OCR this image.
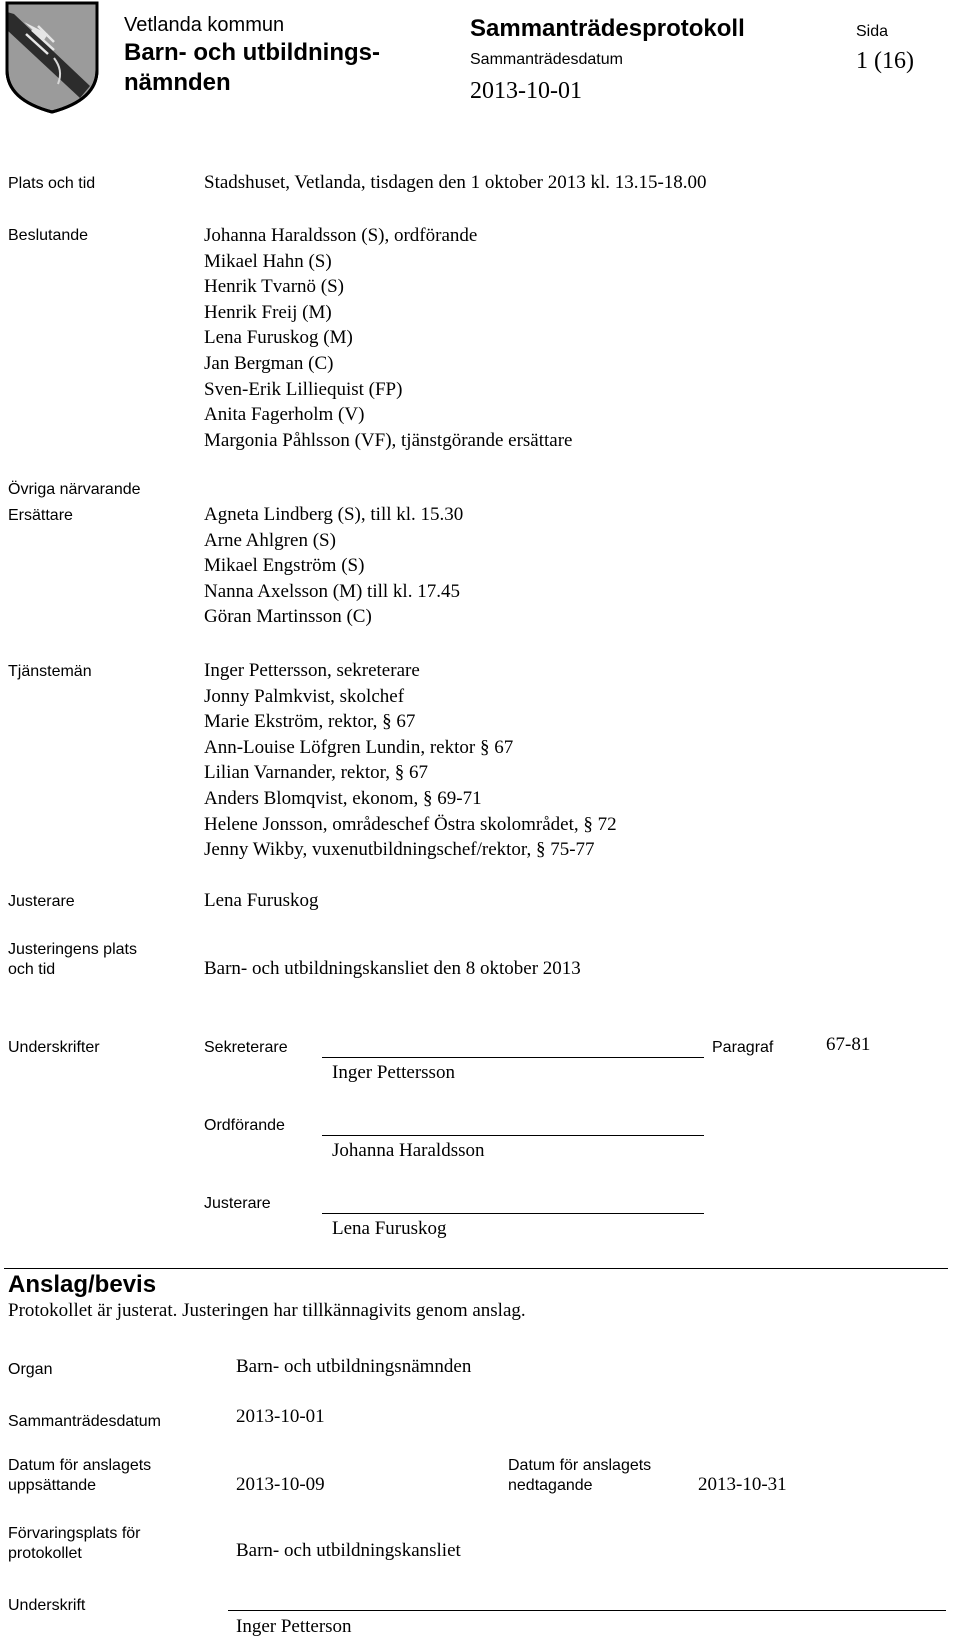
Vetlanda kommun
Barn- och utbildnings-
nämnden
Sammanträdesprotokoll
Sammanträdesdatum
2013-10-01
Sida
1 (16)
Plats och tid	Stadshuset, Vetlanda, tisdagen den 1 oktober 2013 kl. 13.15-18.00
Beslutande	Johanna Haraldsson (S), ordförande
Mikael Hahn (S)
Henrik Tvarnö (S)
Henrik Freij (M)
Lena Furuskog (M)
Jan Bergman (C)
Sven-Erik Lilliequist (FP)
Anita Fagerholm (V)
Margonia Påhlsson (VF), tjänstgörande ersättare
Övriga närvarande
Ersättare	Agneta Lindberg (S), till kl. 15.30
Arne Ahlgren (S)
Mikael Engström (S)
Nanna Axelsson (M) till kl. 17.45
Göran Martinsson (C)
Tjänstemän	Inger Pettersson, sekreterare
Jonny Palmkvist, skolchef
Marie Ekström, rektor, § 67
Ann-Louise Löfgren Lundin, rektor § 67
Lilian Varnander, rektor, § 67
Anders Blomqvist, ekonom, § 69-71
Helene Jonsson, områdeschef Östra skolområdet, § 72
Jenny Wikby, vuxenutbildningschef/rektor, § 75-77
Justerare	Lena Furuskog
Justeringens plats
och tid	Barn- och utbildningskansliet den 8 oktober 2013
Underskrifter	Sekreterare
Inger Pettersson
Paragraf	67-81
Ordförande
Johanna Haraldsson
Justerare
Lena Furuskog
Anslag/bevis
Protokollet är justerat. Justeringen har tillkännagivits genom anslag.
Organ	Barn- och utbildningsnämnden
Sammanträdesdatum	2013-10-01
Datum för anslagets
uppsättande	2013-10-09
Datum för anslagets
nedtagande	2013-10-31
Förvaringsplats för
protokollet	Barn- och utbildningskansliet
Underskrift
Inger Petterson
